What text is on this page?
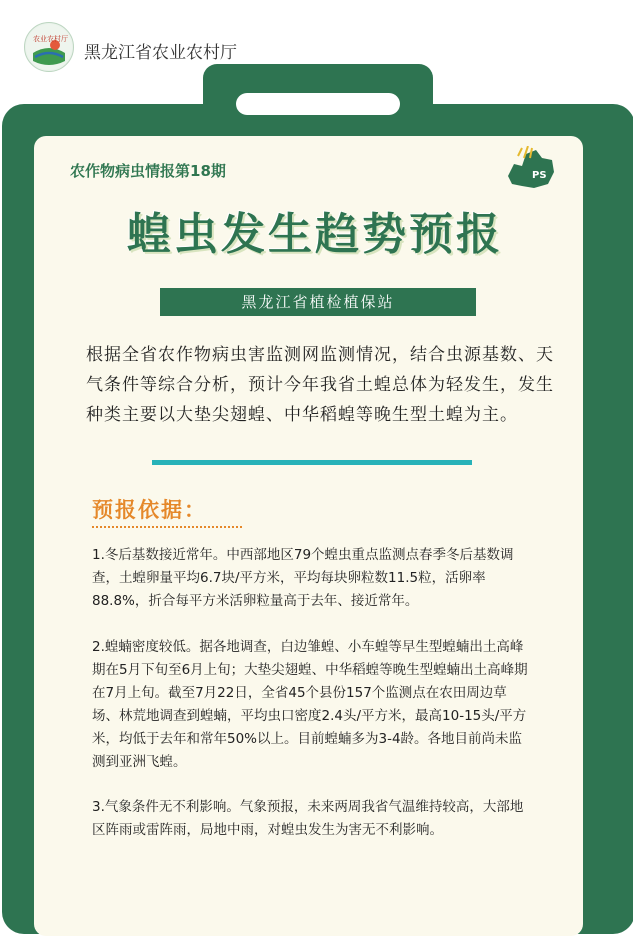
农业农村厅
黑龙江省农业农村厅
农作物病虫情报第18期	PS
蝗虫发生趋势预报
黑龙江省植检植保站
根据全省农作物病虫害监测网监测情况，结合虫源基数、天气条件等综合分析，预计今年我省土蝗总体为轻发生，发生种类主要以大垫尖翅蝗、中华稻蝗等晚生型土蝗为主。
预报依据：
1.冬后基数接近常年。中西部地区79个蝗虫重点监测点春季冬后基数调查，土蝗卵量平均6.7块/平方米，平均每块卵粒数11.5粒，活卵率88.8%，折合每平方米活卵粒量高于去年、接近常年。
2.蝗蝻密度较低。据各地调查，白边雏蝗、小车蝗等早生型蝗蝻出土高峰期在5月下旬至6月上旬；大垫尖翅蝗、中华稻蝗等晚生型蝗蝻出土高峰期在7月上旬。截至7月22日，全省45个县份157个监测点在农田周边草场、林荒地调查到蝗蝻，平均虫口密度2.4头/平方米，最高10-15头/平方米，均低于去年和常年50%以上。目前蝗蝻多为3-4龄。各地目前尚未监测到亚洲飞蝗。
3.气象条件无不利影响。气象预报，未来两周我省气温维持较高，大部地区阵雨或雷阵雨，局地中雨，对蝗虫发生为害无不利影响。
